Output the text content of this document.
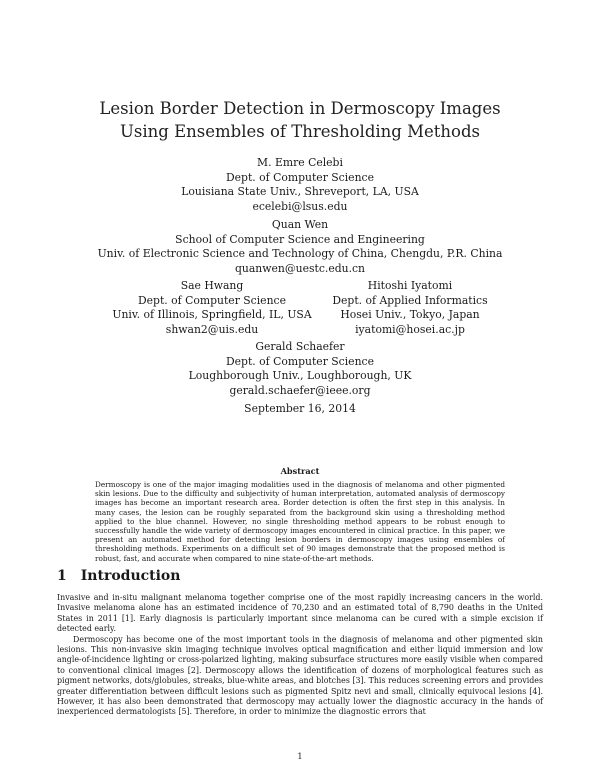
Lesion Border Detection in Dermoscopy Images
Using Ensembles of Thresholding Methods
M. Emre Celebi
Dept. of Computer Science
Louisiana State Univ., Shreveport, LA, USA
ecelebi@lsus.edu
Quan Wen
School of Computer Science and Engineering
Univ. of Electronic Science and Technology of China, Chengdu, P.R. China
quanwen@uestc.edu.cn
Sae Hwang
Dept. of Computer Science
Univ. of Illinois, Springfield, IL, USA
shwan2@uis.edu
Hitoshi Iyatomi
Dept. of Applied Informatics
Hosei Univ., Tokyo, Japan
iyatomi@hosei.ac.jp
Gerald Schaefer
Dept. of Computer Science
Loughborough Univ., Loughborough, UK
gerald.schaefer@ieee.org
September 16, 2014
Abstract
Dermoscopy is one of the major imaging modalities used in the diagnosis of melanoma and other pigmented skin lesions. Due to the difficulty and subjectivity of human interpretation, automated analysis of dermoscopy images has become an important research area. Border detection is often the first step in this analysis. In many cases, the lesion can be roughly separated from the background skin using a thresholding method applied to the blue channel. However, no single thresholding method appears to be robust enough to successfully handle the wide variety of dermoscopy images encountered in clinical practice. In this paper, we present an automated method for detecting lesion borders in dermoscopy images using ensembles of thresholding methods. Experiments on a difficult set of 90 images demonstrate that the proposed method is robust, fast, and accurate when compared to nine state-of-the-art methods.
1 Introduction

Invasive and in-situ malignant melanoma together comprise one of the most rapidly increasing cancers in the world. Invasive melanoma alone has an estimated incidence of 70,230 and an estimated total of 8,790 deaths in the United States in 2011 [1]. Early diagnosis is particularly important since melanoma can be cured with a simple excision if detected early.

Dermoscopy has become one of the most important tools in the diagnosis of melanoma and other pigmented skin lesions. This non-invasive skin imaging technique involves optical magnification and either liquid immersion and low angle-of-incidence lighting or cross-polarized lighting, making subsurface structures more easily visible when compared to conventional clinical images [2]. Dermoscopy allows the identification of dozens of morphological features such as pigment networks, dots/globules, streaks, blue-white areas, and blotches [3]. This reduces screening errors and provides greater differentiation between difficult lesions such as pigmented Spitz nevi and small, clinically equivocal lesions [4]. However, it has also been demonstrated that dermoscopy may actually lower the diagnostic accuracy in the hands of inexperienced dermatologists [5]. Therefore, in order to minimize the diagnostic errors that

1
